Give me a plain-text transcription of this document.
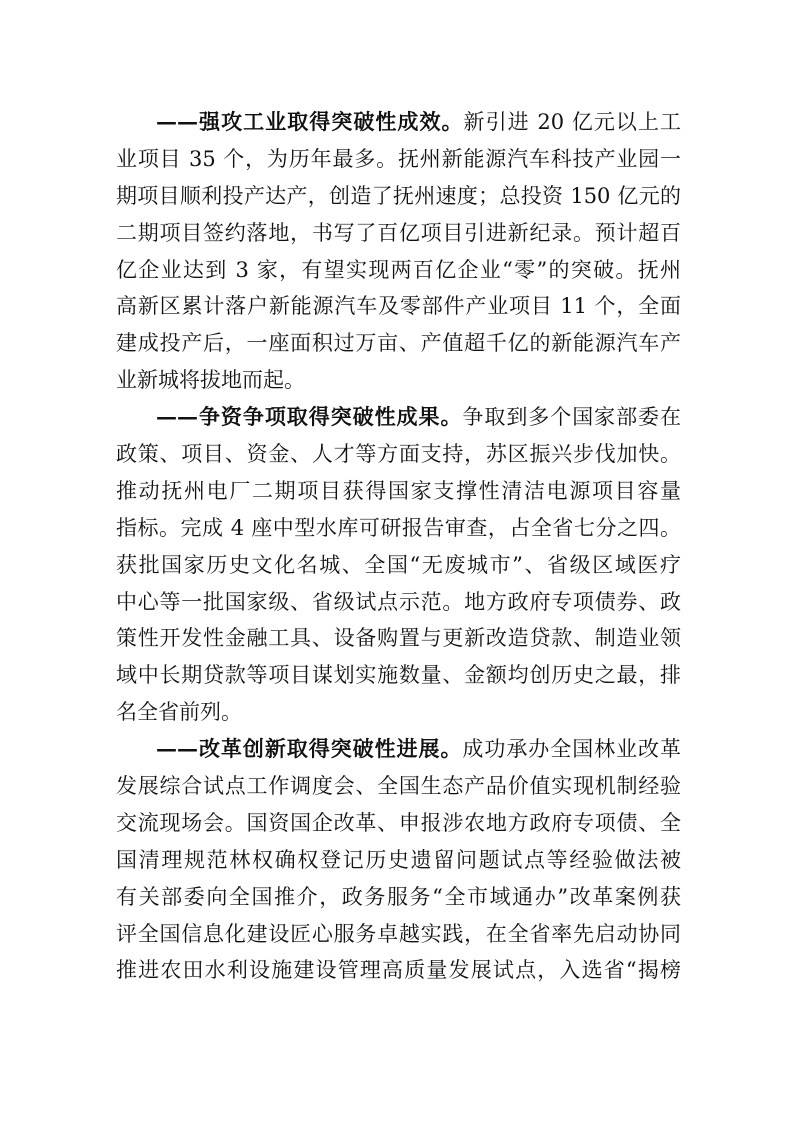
——强攻工业取得突破性成效。新引进 20 亿元以上工
业项目 35 个，为历年最多。抚州新能源汽车科技产业园一
期项目顺利投产达产，创造了抚州速度；总投资 150 亿元的
二期项目签约落地，书写了百亿项目引进新纪录。预计超百
亿企业达到 3 家，有望实现两百亿企业“零”的突破。抚州
高新区累计落户新能源汽车及零部件产业项目 11 个，全面
建成投产后，一座面积过万亩、产值超千亿的新能源汽车产
业新城将拔地而起。
——争资争项取得突破性成果。争取到多个国家部委在
政策、项目、资金、人才等方面支持，苏区振兴步伐加快。
推动抚州电厂二期项目获得国家支撑性清洁电源项目容量
指标。完成 4 座中型水库可研报告审查，占全省七分之四。
获批国家历史文化名城、全国“无废城市”、省级区域医疗
中心等一批国家级、省级试点示范。地方政府专项债券、政
策性开发性金融工具、设备购置与更新改造贷款、制造业领
域中长期贷款等项目谋划实施数量、金额均创历史之最，排
名全省前列。
——改革创新取得突破性进展。成功承办全国林业改革
发展综合试点工作调度会、全国生态产品价值实现机制经验
交流现场会。国资国企改革、申报涉农地方政府专项债、全
国清理规范林权确权登记历史遗留问题试点等经验做法被
有关部委向全国推介，政务服务“全市域通办”改革案例获
评全国信息化建设匠心服务卓越实践，在全省率先启动协同
推进农田水利设施建设管理高质量发展试点，入选省“揭榜
